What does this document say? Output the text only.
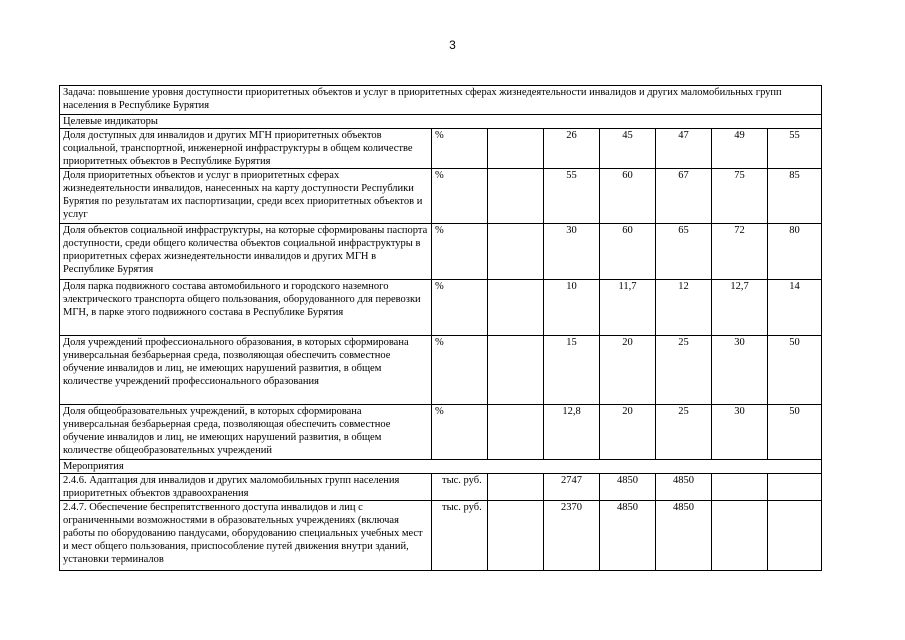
3
Задача: повышение уровня доступности приоритетных объектов и услуг в приоритетных сферах жизнедеятельности инвалидов и других маломобильных групп населения в Республике Бурятия							
Целевые индикаторы							
Доля доступных для инвалидов и других МГН приоритетных объектов социальной, транспортной, инженерной инфраструктуры в общем количестве приоритетных объектов в Республике Бурятия	%		26	45	47	49	55
Доля приоритетных объектов и услуг в приоритетных сферах жизнедеятельности инвалидов, нанесенных на карту доступности Республики Бурятия по результатам их паспортизации, среди всех приоритетных объектов и услуг	%		55	60	67	75	85
Доля объектов социальной инфраструктуры, на которые сформированы паспорта доступности, среди общего количества объектов социальной инфраструктуры в приоритетных сферах жизнедеятельности инвалидов и других МГН в Республике Бурятия	%		30	60	65	72	80
Доля парка подвижного состава автомобильного и городского наземного электрического транспорта общего пользования, оборудованного для перевозки МГН, в парке этого подвижного состава в Республике Бурятия	%		10	11,7	12	12,7	14
Доля учреждений профессионального образования, в которых сформирована универсальная безбарьерная среда, позволяющая обеспечить совместное обучение инвалидов и лиц, не имеющих нарушений развития, в общем количестве учреждений профессионального образования	%		15	20	25	30	50
Доля общеобразовательных учреждений, в которых сформирована универсальная безбарьерная среда, позволяющая обеспечить совместное обучение инвалидов и лиц, не имеющих нарушений развития, в общем количестве общеобразовательных учреждений	%		12,8	20	25	30	50
Мероприятия							
2.4.6. Адаптация для инвалидов и других маломобильных групп населения приоритетных объектов здравоохранения	тыс. руб.		2747	4850	4850		
2.4.7. Обеспечение беспрепятственного доступа инвалидов и лиц с ограниченными возможностями в образовательных учреждениях (включая работы по оборудованию пандусами, оборудованию специальных учебных мест и мест общего пользования, приспособление путей движения внутри зданий, установки терминалов	тыс. руб.		2370	4850	4850		
